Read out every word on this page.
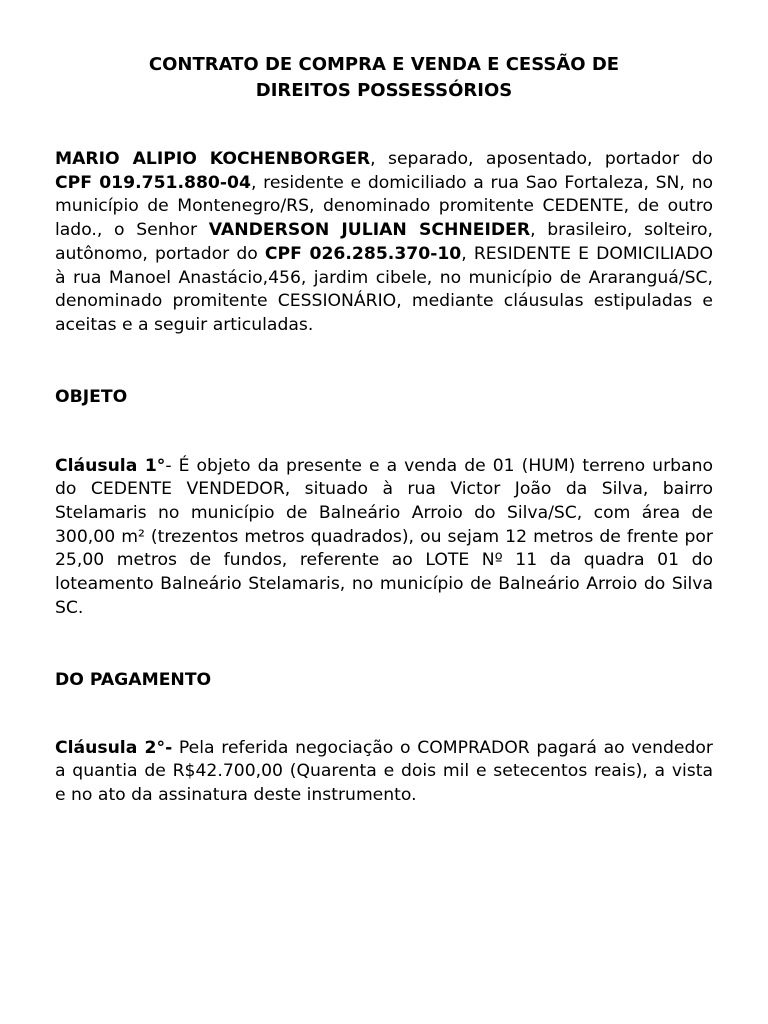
CONTRATO DE COMPRA E VENDA E CESSÃO DE
DIREITOS POSSESSÓRIOS

MARIO ALIPIO KOCHENBORGER, separado, aposentado, portador do CPF 019.751.880-04, residente e domiciliado a rua Sao Fortaleza, SN, no município de Montenegro/RS, denominado promitente CEDENTE, de outro lado., o Senhor VANDERSON JULIAN SCHNEIDER, brasileiro, solteiro, autônomo, portador do CPF 026.285.370-10, RESIDENTE E DOMICILIADO à rua Manoel Anastácio,456, jardim cibele, no município de Araranguá/SC, denominado promitente CESSIONÁRIO, mediante cláusulas estipuladas e aceitas e a seguir articuladas.

OBJETO

Cláusula 1°- É objeto da presente e a venda de 01 (HUM) terreno urbano do CEDENTE VENDEDOR, situado à rua Victor João da Silva, bairro Stelamaris no município de Balneário Arroio do Silva/SC, com área de 300,00 m² (trezentos metros quadrados), ou sejam 12 metros de frente por 25,00 metros de fundos, referente ao LOTE Nº 11 da quadra 01 do loteamento Balneário Stelamaris, no município de Balneário Arroio do Silva SC.

DO PAGAMENTO

Cláusula 2°- Pela referida negociação o COMPRADOR pagará ao vendedor a quantia de R$42.700,00 (Quarenta e dois mil e setecentos reais), a vista e no ato da assinatura deste instrumento.
